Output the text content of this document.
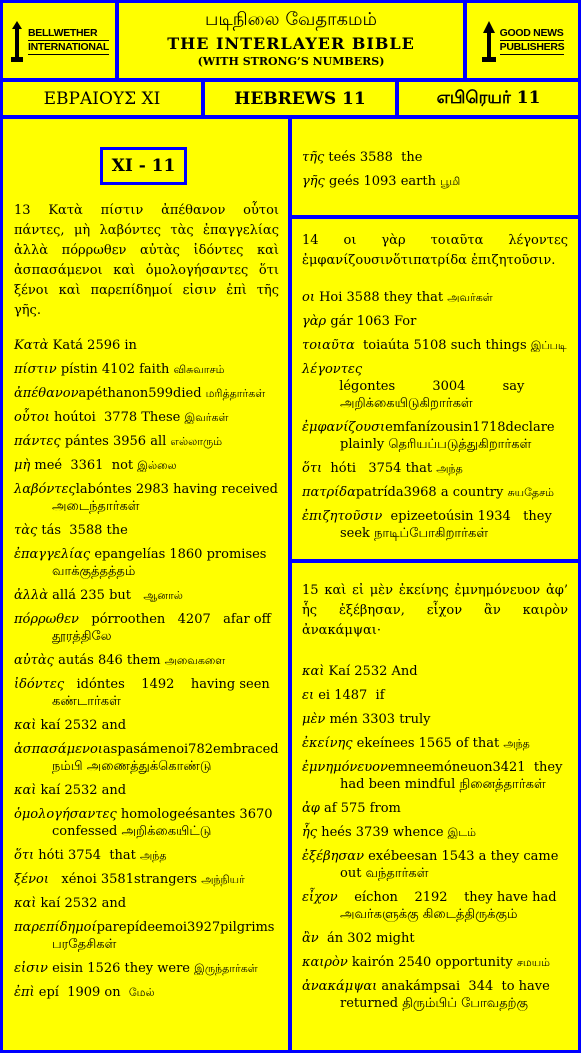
BELLWETHER
INTERNATIONAL
படிநிலை வேதாகமம்
THE INTERLAYER BIBLE
(WITH STRONG’S NUMBERS)
GOOD NEWS
PUBLISHERS
ΕΒΡΑΙΟΥΣ XI	HEBREWS 11	எபிரெயர் 11
XI - 11

13 Κατὰ πίστιν ἀπέθανον οὗτοι πάντες, μὴ λαβόντες τὰς ἐπαγγελίας ἀλλὰ πόρρωθεν αὐτὰς ἰδόντες καὶ ἀσπασάμενοι καὶ ὁμολογήσαντες ὅτι ξένοι καὶ παρεπίδημοί εἰσιν ἐπὶ τῆς γῆς.

Κατὰ Katá 2596 in
πίστιν pístin 4102 faith விசுவாசம்
ἀπέθανονapéthanon599died மரித்தார்கள்
οὗτοι hoútoi  3778 These இவர்கள்
πάντες pántes 3956 all எல்லாரும்
μὴ meé  3361  not இல்லை
λαβόντεςlabóntes 2983 having received
அடைந்தார்கள்
τὰς tás  3588 the
ἐπαγγελίας epangelías 1860 promises
வாக்குத்தத்தம்
ἀλλὰ allá 235 but   ஆனால்
πόρρωθεν   pórroothen   4207   afar off
தூரத்திலே
αὐτὰς autás 846 them அவைகளை
ἰδόντες   idóntes    1492    having seen
கண்டார்கள்
καὶ kaí 2532 and
ἀσπασάμενοιaspasámenoi782embraced
நம்பி அணைத்துக்கொண்டு
καὶ kaí 2532 and
ὁμολογήσαντες homologeésantes 3670
confessed அறிக்கையிட்டு
ὅτι hóti 3754  that அந்த
ξένοι   xénoi 3581strangers அந்நியர்
καὶ kaí 2532 and
παρεπίδημοίparepídeemoi3927pilgrims
பரதேசிகள்
εἰσιν eisin 1526 they were இருந்தார்கள்
ἐπὶ epí  1909 on  மேல்
τῆς teés 3588  the
γῆς geés 1093 earth பூமி

14 οι γὰρ τοιαῦτα λέγοντες ἐμφανίζουσινὅτιπατρίδα ἐπιζητοῦσιν.

οι Hoi 3588 they that அவர்கள்
γὰρ gár 1063 For
τοιαῦτα  toiaúta 5108 such things இப்படி
λέγοντες         légontes         3004         say
அறிக்கையிடுகிறார்கள்
ἐμφανίζουσιemfanízousin1718declare
plainly தெரியப்படுத்துகிறார்கள்
ὅτι  hóti   3754 that அந்த
πατρίδαpatrída3968 a country சுயதேசம்
ἐπιζητοῦσιν  epizeetoúsin 1934   they
seek நாடிப்போகிறார்கள்

15 καὶ εἰ μὲν ἐκείνης ἐμνημόνευον ἀφ’ ἧς ἐξέβησαν, εἶχον ἂν καιρὸν ἀνακάμψαι·

καὶ Kaí 2532 And
ει ei 1487  if
μὲν mén 3303 truly
ἐκείνης ekeínees 1565 of that அந்த
ἐμνημόνευονemneemóneuon3421  they
had been mindful நினைத்தார்கள்
ἀφ af 575 from
ἧς heés 3739 whence இடம்
ἐξέβησαν exébeesan 1543 a they came
out வந்தார்கள்
εἶχον    eíchon    2192    they have had
அவர்களுக்கு கிடைத்திருக்கும்
ἂν  án 302 might
καιρὸν kairón 2540 opportunity சமயம்
ἀνακάμψαι anakámpsai  344  to have
returned திரும்பிப் போவதற்கு
